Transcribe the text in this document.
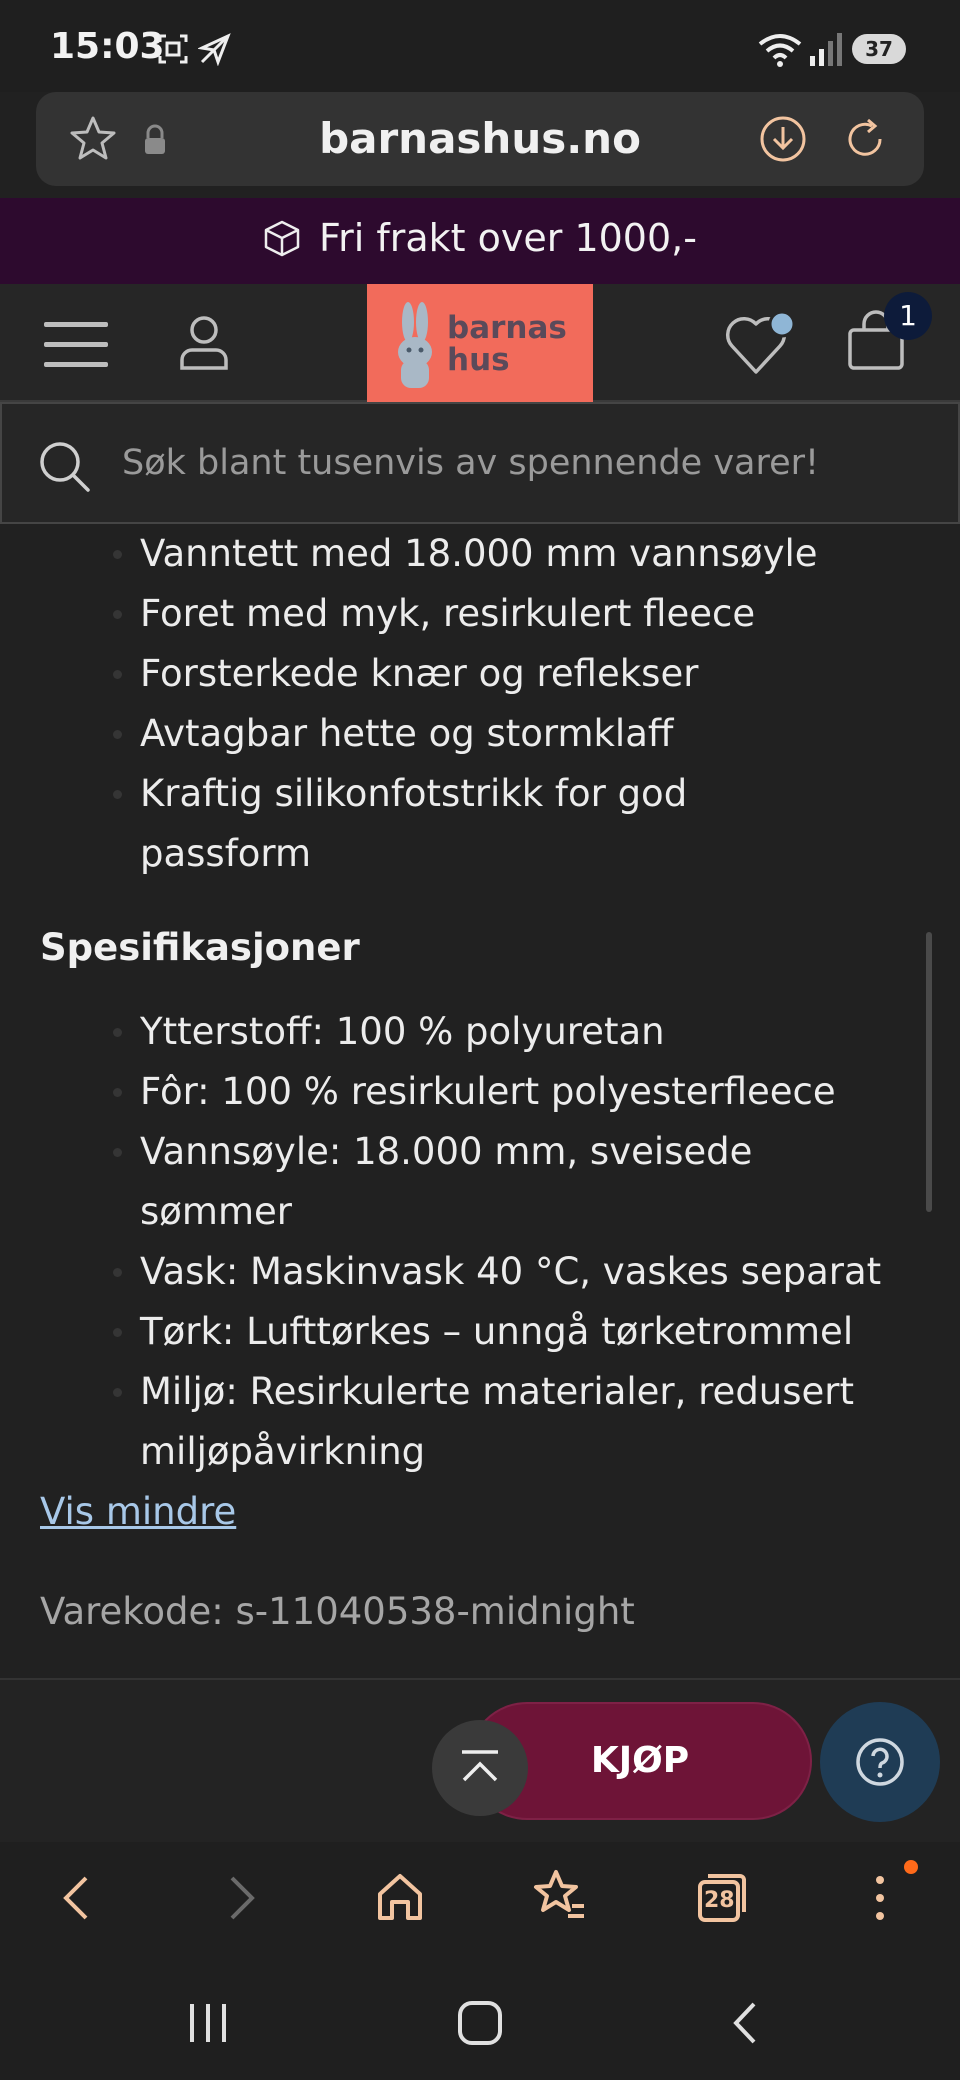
15:03	37
barnashus.no
Fri frakt over 1000,-
barnas
hus
1
Søk blant tusenvis av spennende varer!
Vanntett med 18.000 mm vannsøyle
Foret med myk, resirkulert fleece
Forsterkede knær og reflekser
Avtagbar hette og stormklaff
Kraftig silikonfotstrikk for god passform
Spesifikasjoner
Ytterstoff: 100 % polyuretan
Fôr: 100 % resirkulert polyesterfleece
Vannsøyle: 18.000 mm, sveisede sømmer
Vask: Maskinvask 40 °C, vaskes separat
Tørk: Lufttørkes – unngå tørketrommel
Miljø: Resirkulerte materialer, redusert miljøpåvirkning
Vis mindre
Varekode: s-11040538-midnight
KJØP
28
